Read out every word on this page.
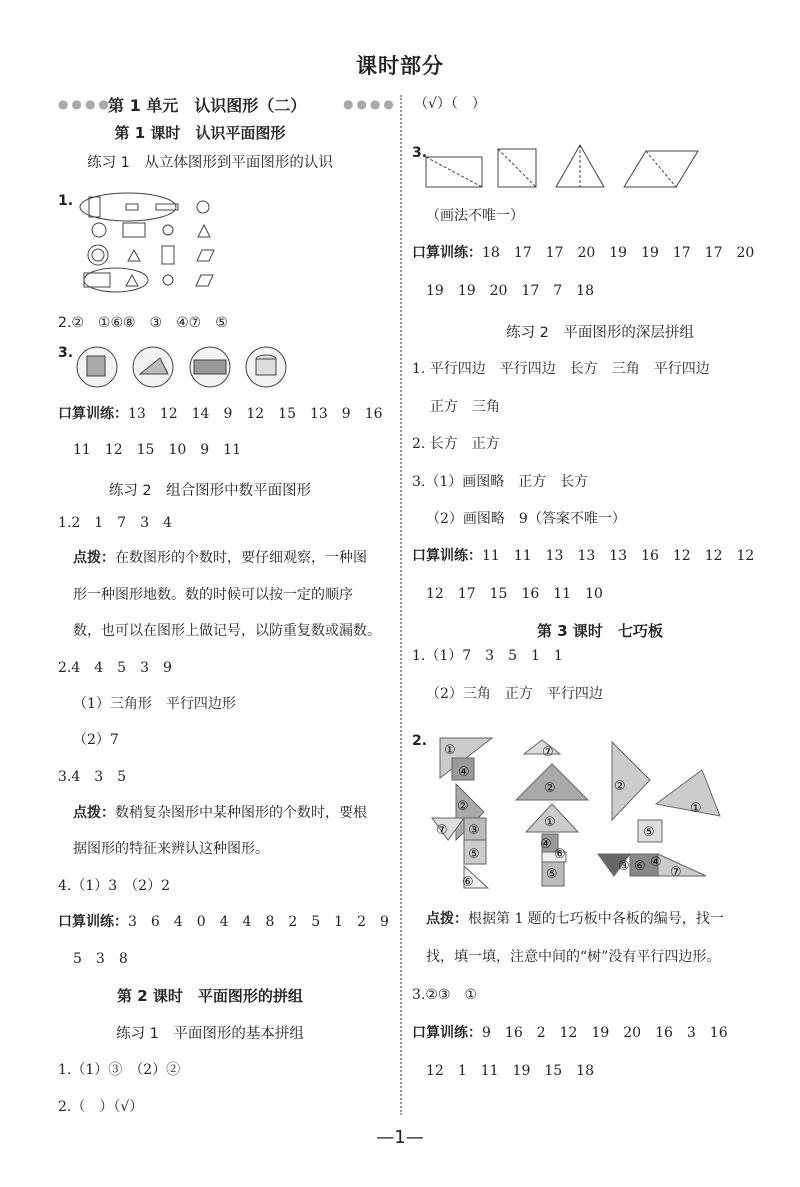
课时部分
●●●●
第 1 单元　认识图形（二）	●●●●
第 1 课时　认识平面图形
练习 1　从立体图形到平面图形的认识
1.
2.②　①⑥⑧　③　④⑦　⑤
3.
口算训练：13　12　14　9　12　15　13　9　16
11　12　15　10　9　11
练习 2　组合图形中数平面图形
1.2　1　7　3　4
点拨：在数图形的个数时，要仔细观察，一种图
形一种图形地数。数的时候可以按一定的顺序
数，也可以在图形上做记号，以防重复数或漏数。
2.4　4　5　3　9
（1）三角形　平行四边形
（2）7
3.4　3　5
点拨：数稍复杂图形中某种图形的个数时，要根
据图形的特征来辨认这种图形。
4.（1）3　（2）2
口算训练：3　6　4　0　4　4　8　2　5　1　2　9
5　3　8
第 2 课时　平面图形的拼组
练习 1　平面图形的基本拼组
1.（1）③　（2）②
2.（　）（√）
（√）（　）
3.
（画法不唯一）
口算训练：18　17　17　20　19　19　17　17　20
19　19　20　17　7　18
练习 2　平面图形的深层拼组
1. 平行四边　平行四边　长方　三角　平行四边
正方　三角
2. 长方　正方
3.（1）画图略　正方　长方
（2）画图略　9（答案不唯一）
口算训练：11　11　13　13　13　16　12　12　12
12　17　15　16　11　10
第 3 课时　七巧板
1.（1）7　3　5　1　1
（2）三角　正方　平行四边
2.
①
④
②
③
⑦
⑤
⑥
⑦
②
①
④
⑥
⑤
②
①
⑤
③ ⑥ ④
⑦
点拨：根据第 1 题的七巧板中各板的编号，找一
找，填一填，注意中间的“树”没有平行四边形。
3.②③　①
口算训练：9　16　2　12　19　20　16　3　16
12　1　11　19　15　18
—1—
